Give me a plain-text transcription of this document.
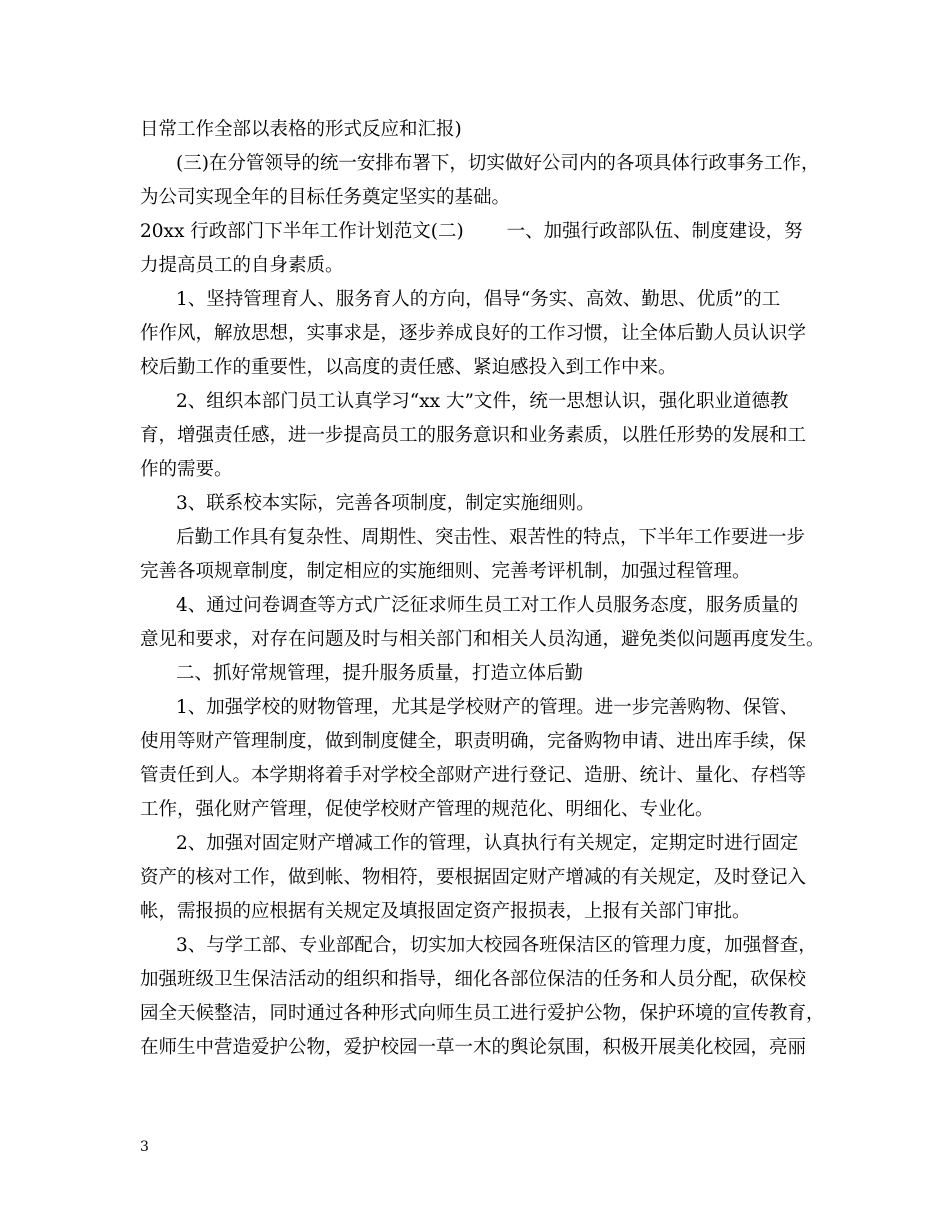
日常工作全部以表格的形式反应和汇报)
(三)在分管领导的统一安排布署下，切实做好公司内的各项具体行政事务工作，
为公司实现全年的目标任务奠定坚实的基础。
20xx 行政部门下半年工作计划范文(二)　　 一、加强行政部队伍、制度建设，努
力提高员工的自身素质。
1、坚持管理育人、服务育人的方向，倡导“务实、高效、勤思、优质”的工
作作风，解放思想，实事求是，逐步养成良好的工作习惯，让全体后勤人员认识学
校后勤工作的重要性，以高度的责任感、紧迫感投入到工作中来。
2、组织本部门员工认真学习“xx 大”文件，统一思想认识，强化职业道德教
育，增强责任感，进一步提高员工的服务意识和业务素质，以胜任形势的发展和工
作的需要。
3、联系校本实际，完善各项制度，制定实施细则。
后勤工作具有复杂性、周期性、突击性、艰苦性的特点，下半年工作要进一步
完善各项规章制度，制定相应的实施细则、完善考评机制，加强过程管理。
4、通过问卷调查等方式广泛征求师生员工对工作人员服务态度，服务质量的
意见和要求，对存在问题及时与相关部门和相关人员沟通，避免类似问题再度发生。
二、抓好常规管理，提升服务质量，打造立体后勤
1、加强学校的财物管理，尤其是学校财产的管理。进一步完善购物、保管、
使用等财产管理制度，做到制度健全，职责明确，完备购物申请、进出库手续，保
管责任到人。本学期将着手对学校全部财产进行登记、造册、统计、量化、存档等
工作，强化财产管理，促使学校财产管理的规范化、明细化、专业化。
2、加强对固定财产增减工作的管理，认真执行有关规定，定期定时进行固定
资产的核对工作，做到帐、物相符，要根据固定财产增减的有关规定，及时登记入
帐，需报损的应根据有关规定及填报固定资产报损表，上报有关部门审批。
3、与学工部、专业部配合，切实加大校园各班保洁区的管理力度，加强督查，
加强班级卫生保洁活动的组织和指导，细化各部位保洁的任务和人员分配，砍保校
园全天候整洁，同时通过各种形式向师生员工进行爱护公物，保护环境的宣传教育，
在师生中营造爱护公物，爱护校园一草一木的舆论氛围，积极开展美化校园，亮丽
3
